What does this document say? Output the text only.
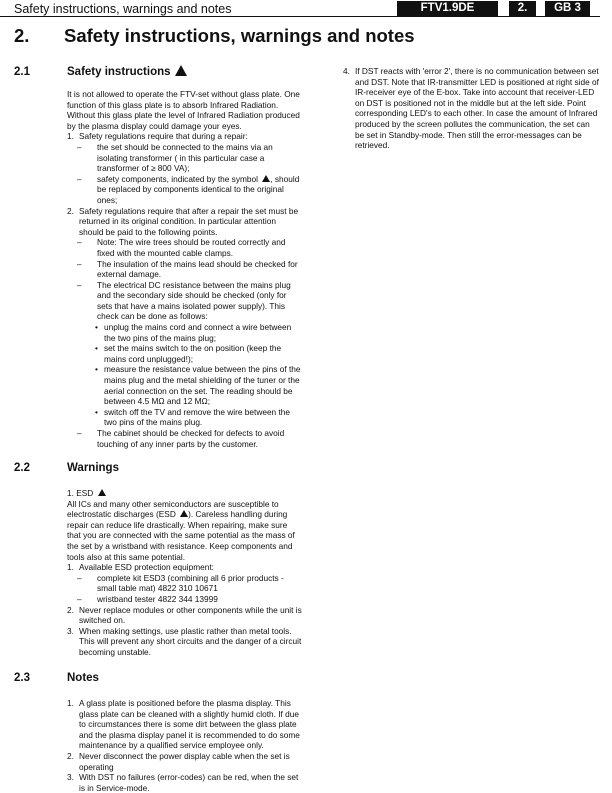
Safety instructions, warnings and notes	FTV1.9DE	2.	GB 3
2. Safety instructions, warnings and notes
2.1	Safety instructions

It is not allowed to operate the FTV-set without glass plate. One function of this glass plate is to absorb Infrared Radiation. Without this glass plate the level of Infrared Radiation produced by the plasma display could damage your eyes.

1. Safety regulations require that during a repair:
– the set should be connected to the mains via an isolating transformer ( in this particular case a transformer of ≥ 800 VA);
– safety components, indicated by the symbol , should be replaced by components identical to the original ones;
2. Safety regulations require that after a repair the set must be returned in its original condition. In particular attention should be paid to the following points.
– Note: The wire trees should be routed correctly and fixed with the mounted cable clamps.
– The insulation of the mains lead should be checked for external damage.
– The electrical DC resistance between the mains plug and the secondary side should be checked (only for sets that have a mains isolated power supply). This check can be done as follows:
• unplug the mains cord and connect a wire between the two pins of the mains plug;
• set the mains switch to the on position (keep the mains cord unplugged!);
• measure the resistance value between the pins of the mains plug and the metal shielding of the tuner or the aerial connection on the set. The reading should be between 4.5 MΩ and 12 MΩ;
• switch off the TV and remove the wire between the two pins of the mains plug.
– The cabinet should be checked for defects to avoid touching of any inner parts by the customer.
4. If DST reacts with 'error 2', there is no communication between set and DST. Note that IR-transmitter LED is positioned at right side of IR-receiver eye of the E-box. Take into account that receiver-LED on DST is positioned not in the middle but at the left side. Point corresponding LED's to each other. In case the amount of Infrared produced by the screen pollutes the communication, the set can be set in Standby-mode. Then still the error-messages can be retrieved.
2.2	Warnings

1. ESD

All ICs and many other semiconductors are susceptible to electrostatic discharges (ESD ). Careless handling during repair can reduce life drastically. When repairing, make sure that you are connected with the same potential as the mass of the set by a wristband with resistance. Keep components and tools also at this same potential.

1. Available ESD protection equipment:
– complete kit ESD3 (combining all 6 prior products - small table mat) 4822 310 10671
– wristband tester 4822 344 13999
2. Never replace modules or other components while the unit is switched on.
3. When making settings, use plastic rather than metal tools. This will prevent any short circuits and the danger of a circuit becoming unstable.
2.3	Notes
1. A glass plate is positioned before the plasma display. This glass plate can be cleaned with a slightly humid cloth. If due to circumstances there is some dirt between the glass plate and the plasma display panel it is recommended to do some maintenance by a qualified service employee only.
2. Never disconnect the power display cable when the set is operating
3. With DST no failures (error-codes) can be red, when the set is in Service-mode.
